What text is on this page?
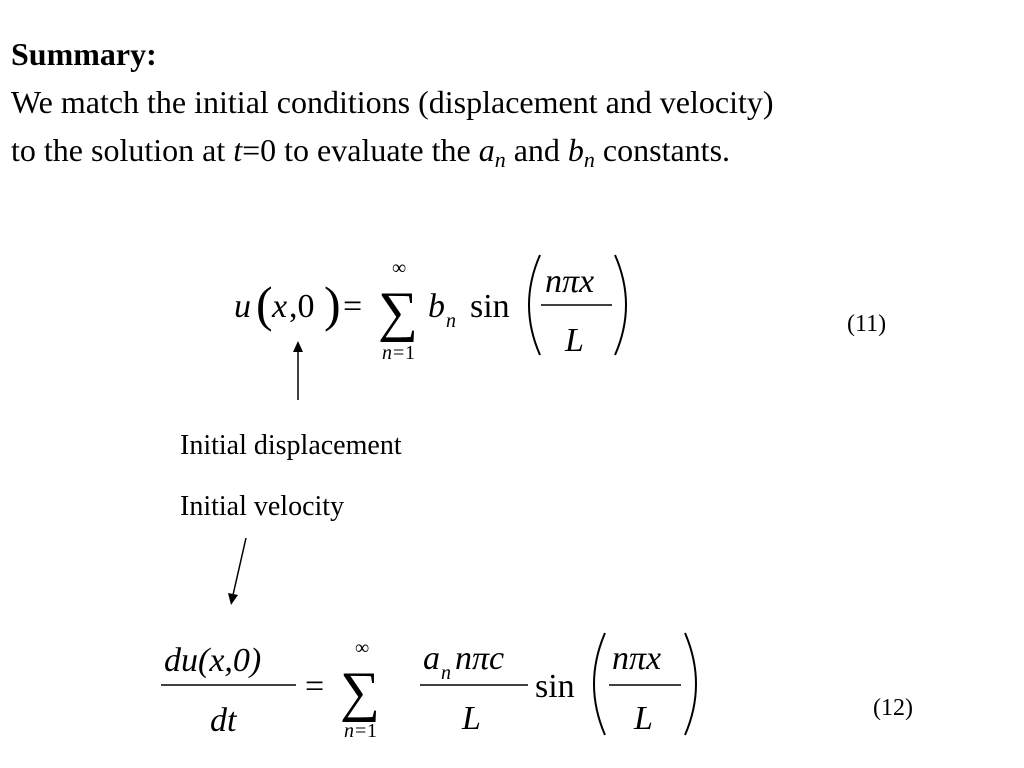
Summary:
We match the initial conditions (displacement and velocity)
to the solution at t=0 to evaluate the $a_n$ and $b_n$ constants.
u ( x ,0 ) = ∑
∞
n = 1
b n sin
nπx
L	(11)
Initial displacement
Initial velocity
du(x,0)
dt
= ∑
∞
n = 1
a n nπc
L
sin
nπx
L	(12)
